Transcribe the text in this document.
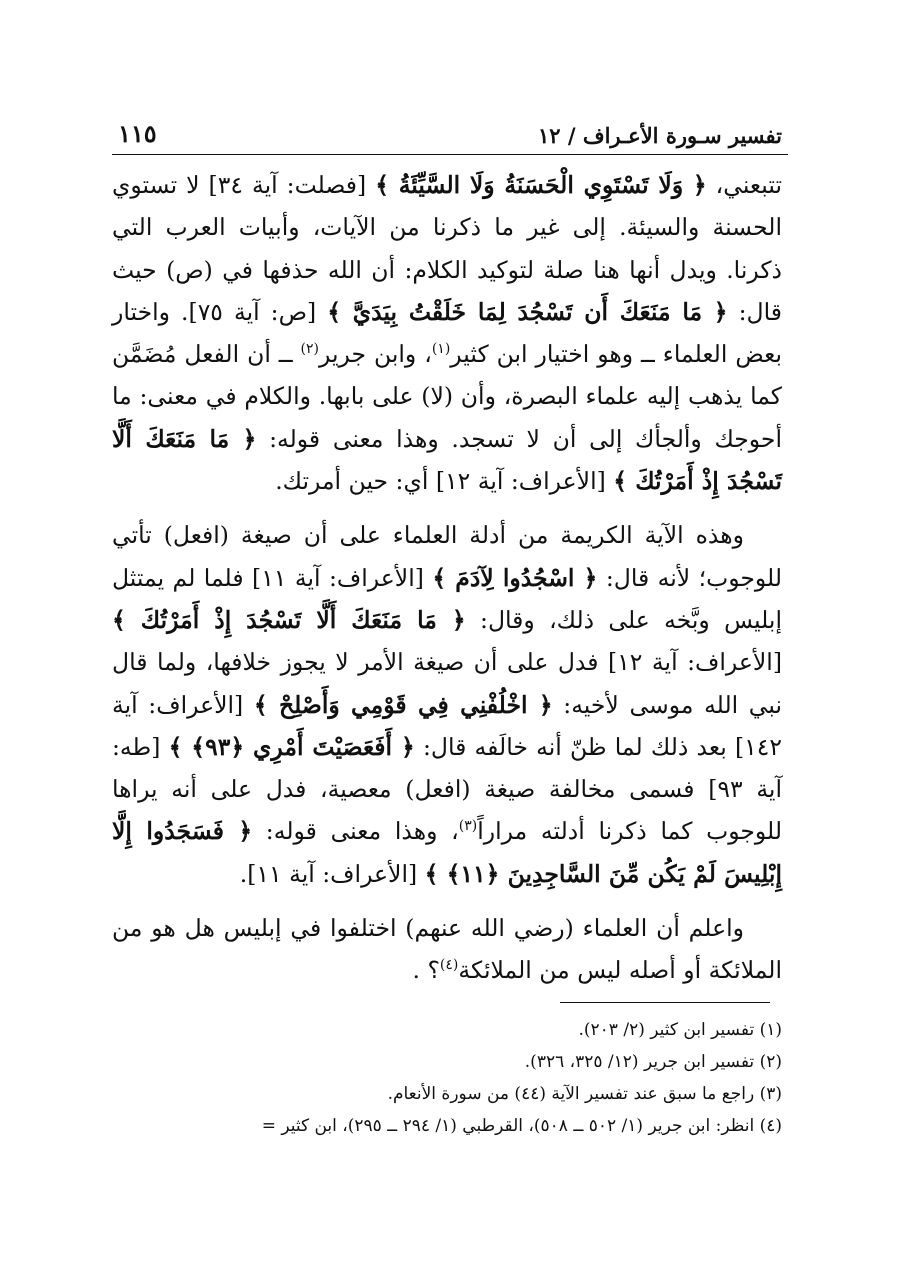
تفسير سـورة الأعـراف / ١٢
١١٥

تتبعني، ﴿ وَلَا تَسْتَوِي الْحَسَنَةُ وَلَا السَّيِّئَةُ ﴾ [فصلت: آية ٣٤] لا تستوي الحسنة والسيئة. إلى غير ما ذكرنا من الآيات، وأبيات العرب التي ذكرنا. ويدل أنها هنا صلة لتوكيد الكلام: أن الله حذفها في (ص) حيث قال: ﴿ مَا مَنَعَكَ أَن تَسْجُدَ لِمَا خَلَقْتُ بِيَدَيَّ ﴾ [ص: آية ٧٥]. واختار بعض العلماء ــ وهو اختيار ابن كثير$^{(١)}$، وابن جرير$^{(٢)}$ ــ أن الفعل مُضَمَّن كما يذهب إليه علماء البصرة، وأن (لا) على بابها. والكلام في معنى: ما أحوجك وألجأك إلى أن لا تسجد. وهذا معنى قوله: ﴿ مَا مَنَعَكَ أَلَّا تَسْجُدَ إِذْ أَمَرْتُكَ ﴾ [الأعراف: آية ١٢] أي: حين أمرتك.

وهذه الآية الكريمة من أدلة العلماء على أن صيغة (افعل) تأتي للوجوب؛ لأنه قال: ﴿ اسْجُدُوا لِآدَمَ ﴾ [الأعراف: آية ١١] فلما لم يمتثل إبليس وبَّخه على ذلك، وقال: ﴿ مَا مَنَعَكَ أَلَّا تَسْجُدَ إِذْ أَمَرْتُكَ ﴾ [الأعراف: آية ١٢] فدل على أن صيغة الأمر لا يجوز خلافها، ولما قال نبي الله موسى لأخيه: ﴿ اخْلُفْنِي فِي قَوْمِي وَأَصْلِحْ ﴾ [الأعراف: آية ١٤٢] بعد ذلك لما ظنّ أنه خالَفه قال: ﴿ أَفَعَصَيْتَ أَمْرِي ﴿٩٣﴾ ﴾ [طه: آية ٩٣] فسمى مخالفة صيغة (افعل) معصية، فدل على أنه يراها للوجوب كما ذكرنا أدلته مراراً$^{(٣)}$، وهذا معنى قوله: ﴿ فَسَجَدُوا إِلَّا إِبْلِيسَ لَمْ يَكُن مِّنَ السَّاجِدِينَ ﴿١١﴾ ﴾ [الأعراف: آية ١١].

واعلم أن العلماء (رضي الله عنهم) اختلفوا في إبليس هل هو من الملائكة أو أصله ليس من الملائكة$^{(٤)}$؟ .

(١) تفسير ابن كثير (٢/ ٢٠٣).

(٢) تفسير ابن جرير (١٢/ ٣٢٥، ٣٢٦).

(٣) راجع ما سبق عند تفسير الآية (٤٤) من سورة الأنعام.

(٤) انظر: ابن جرير (١/ ٥٠٢ ــ ٥٠٨)، القرطبي (١/ ٢٩٤ ــ ٢٩٥)، ابن كثير =
